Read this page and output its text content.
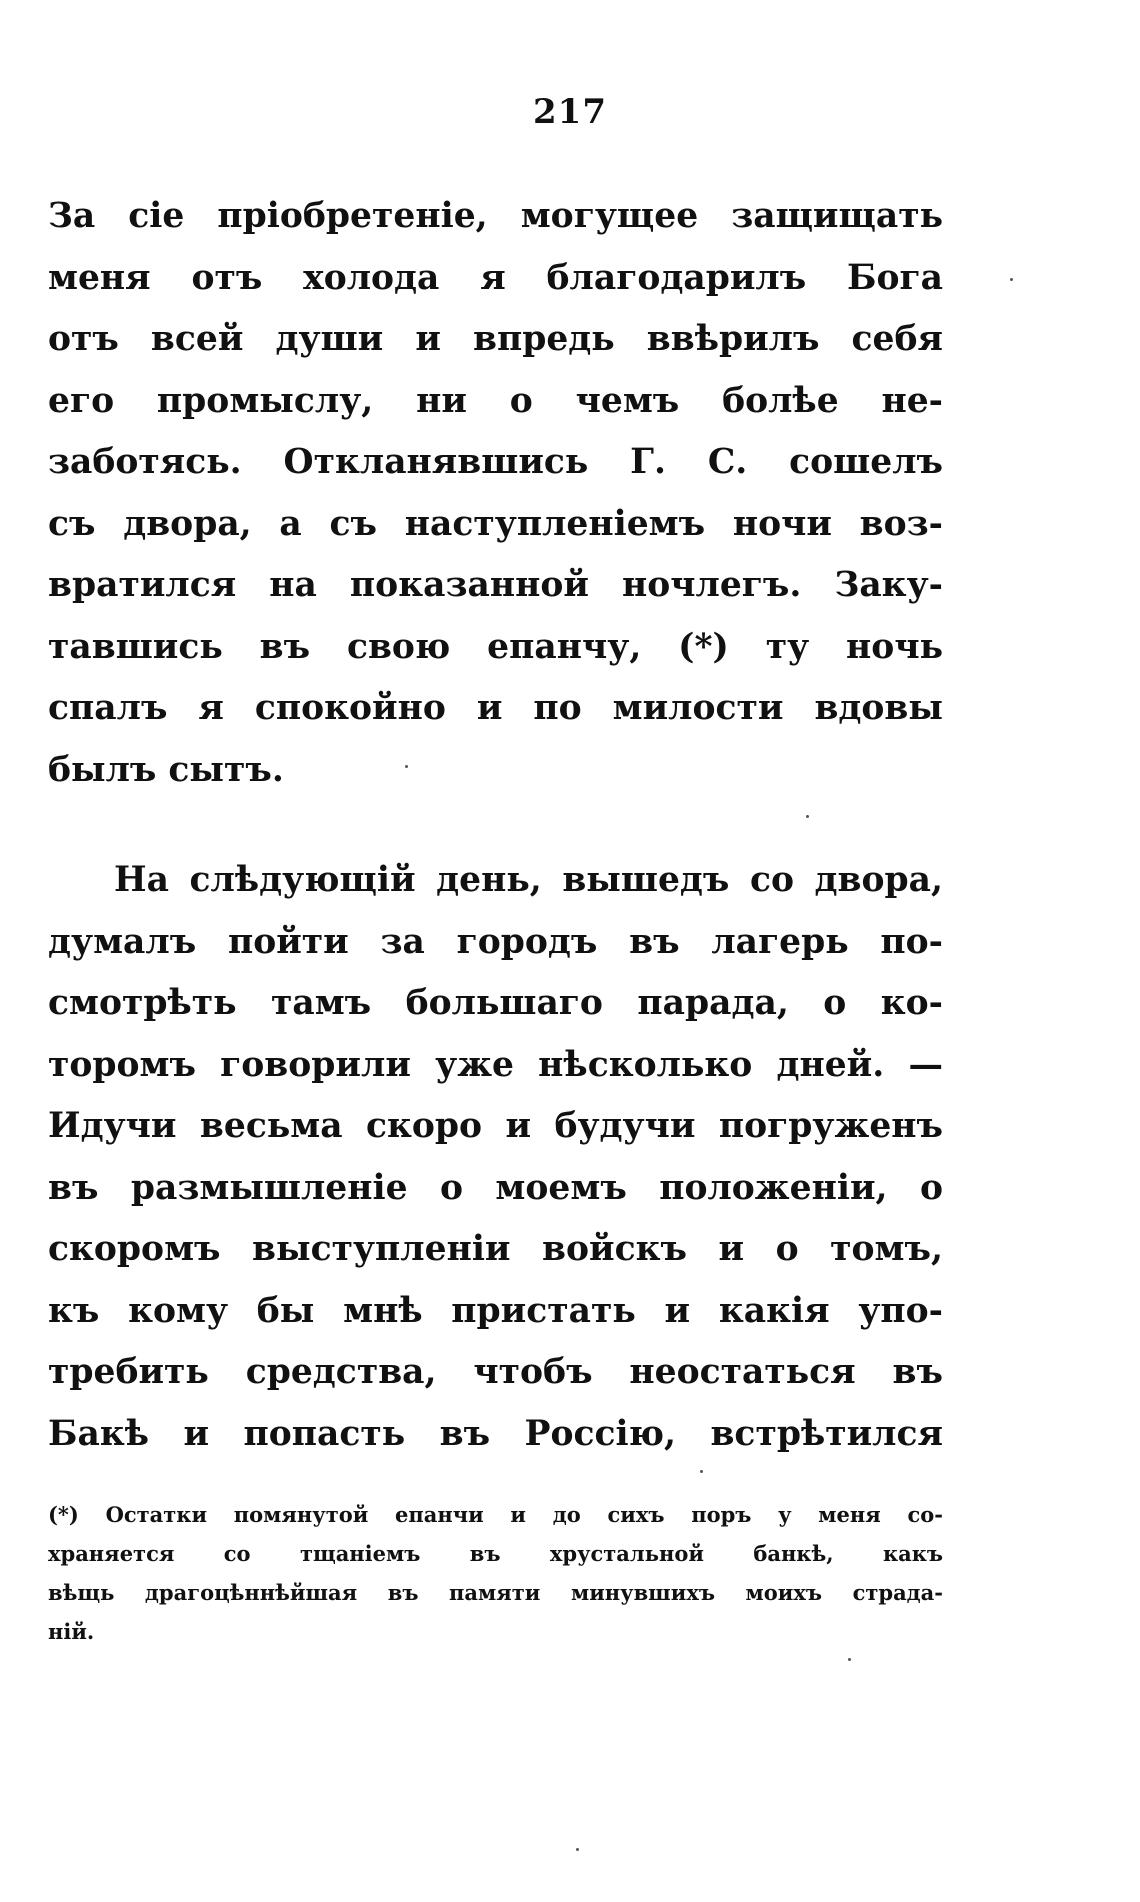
217
За сіе пріобретеніе, могущее защищать
меня отъ холода я благодарилъ Бога
отъ всей души и впредь ввѣрилъ себя
его промыслу, ни о чемъ болѣе не-
заботясь. Откланявшись Г. С. сошелъ
съ двора, а съ наступленіемъ ночи воз-
вратился на показанной ночлегъ. Заку-
тавшись въ свою епанчу, (*) ту ночь
спалъ я спокойно и по милости вдовы
былъ сытъ.
На слѣдующій день, вышедъ со двора,
думалъ пойти за городъ въ лагерь по-
смотрѣть тамъ большаго парада, о ко-
торомъ говорили уже нѣсколько дней. —
Идучи весьма скоро и будучи погруженъ
въ размышленіе о моемъ положеніи, о
скоромъ выступленіи войскъ и о томъ,
къ кому бы мнѣ пристать и какія упо-
требить средства, чтобъ неостаться въ
Бакѣ и попасть въ Россію, встрѣтился
(*) Остатки помянутой епанчи и до сихъ поръ у меня со-
храняется со тщаніемъ въ хрустальной банкѣ, какъ
вѣщь драгоцѣннѣйшая въ памяти минувшихъ моихъ страда-
ній.
